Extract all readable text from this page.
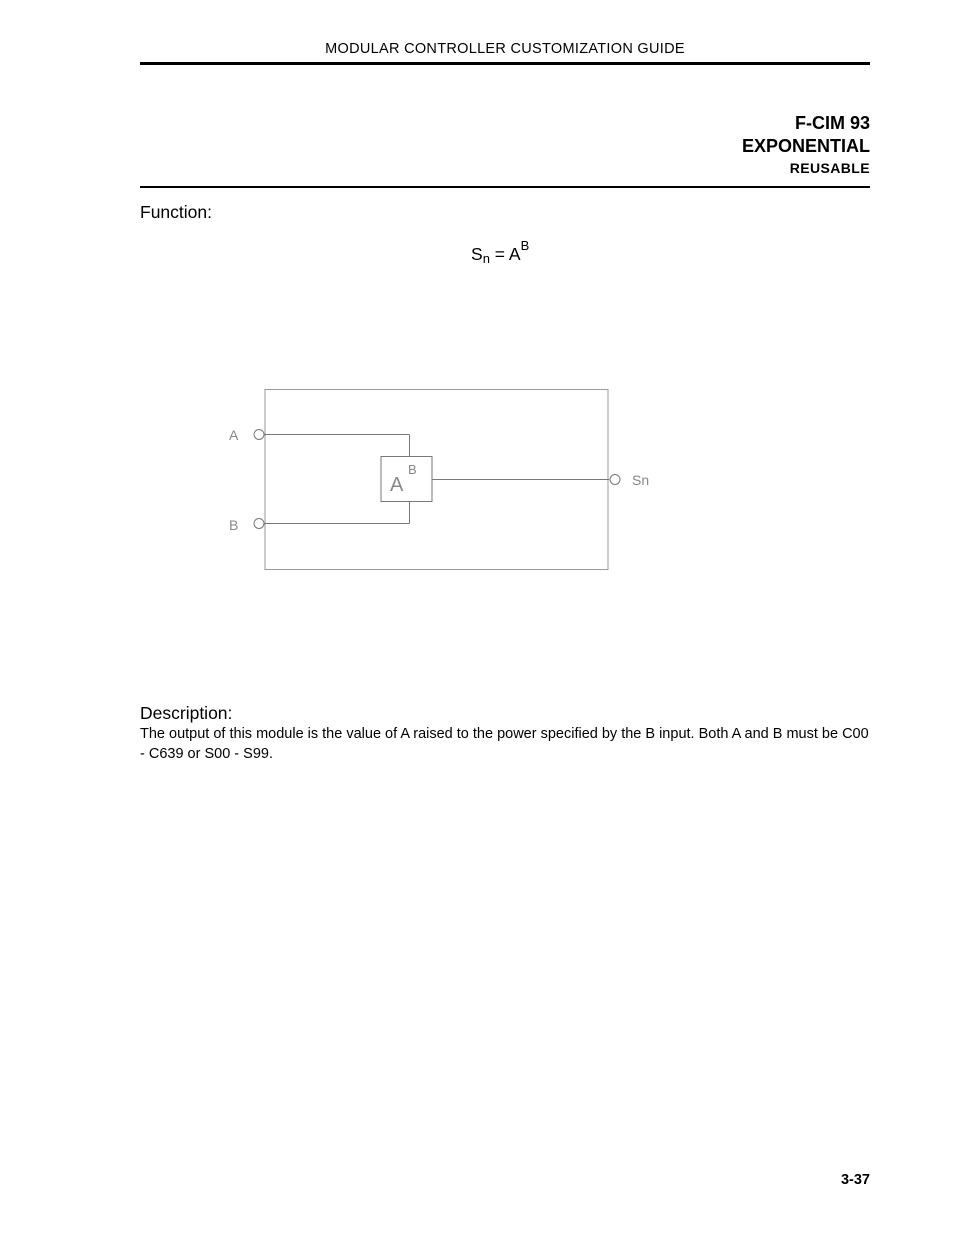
MODULAR CONTROLLER CUSTOMIZATION GUIDE
F-CIM 93
EXPONENTIAL
REUSABLE
Function:
$Sn = A^B$
A
B
A
B
Sn
Description:
The output of this module is the value of A raised to the power specified by the B input. Both A and B must be C00 - C639 or S00 - S99.
3-37
